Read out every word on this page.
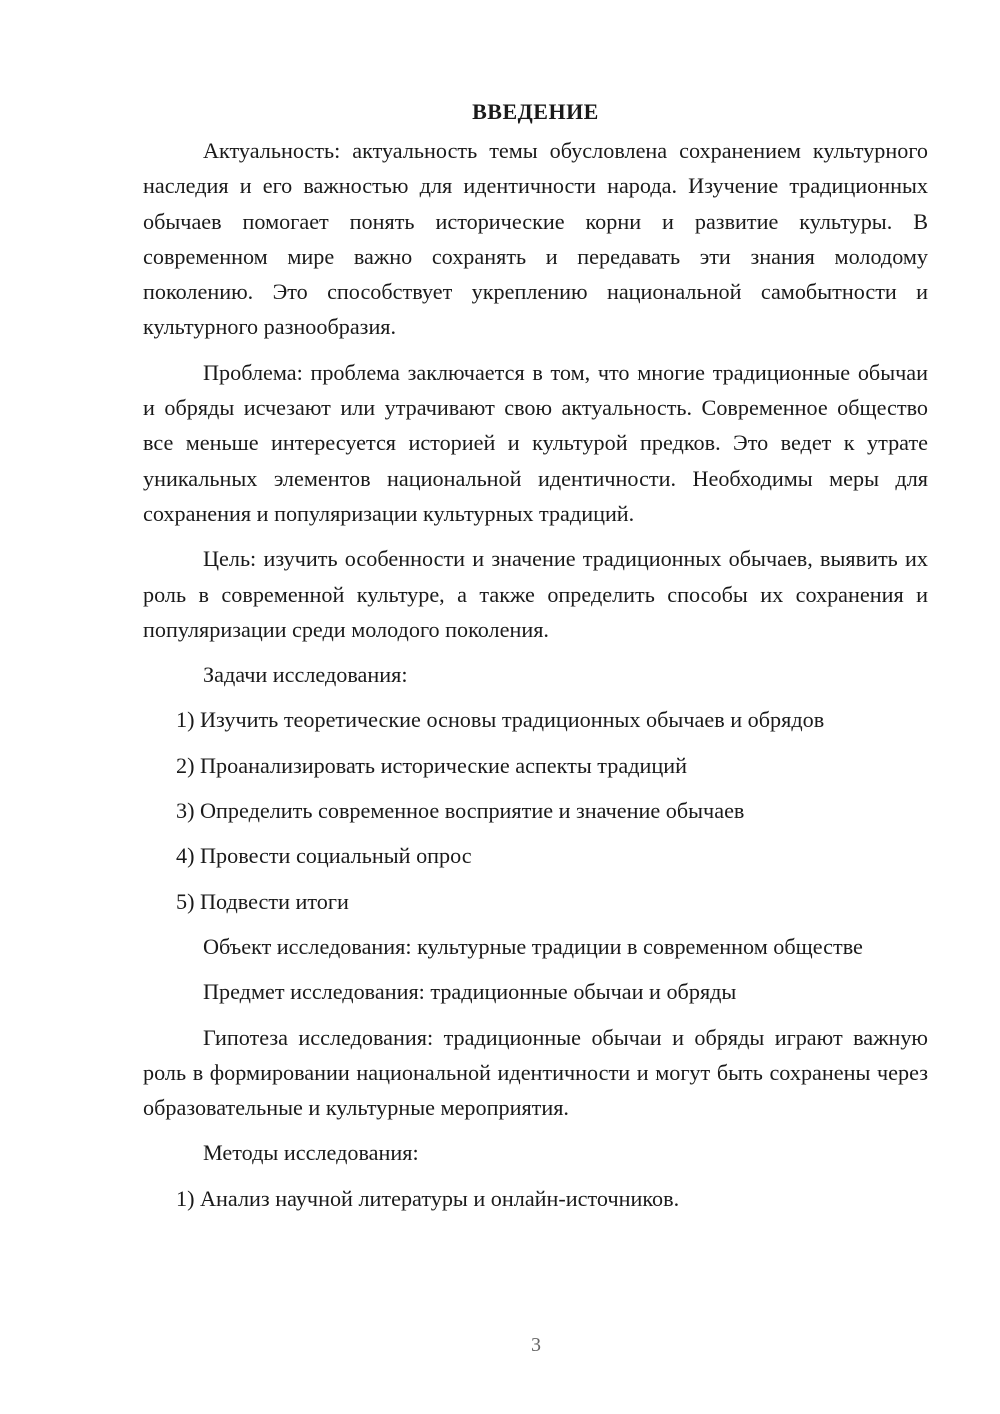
ВВЕДЕНИЕ

Актуальность: актуальность темы обусловлена сохранением культурного наследия и его важностью для идентичности народа. Изучение традиционных обычаев помогает понять исторические корни и развитие культуры. В современном мире важно сохранять и передавать эти знания молодому поколению. Это способствует укреплению национальной самобытности и культурного разнообразия.

Проблема: проблема заключается в том, что многие традиционные обычаи и обряды исчезают или утрачивают свою актуальность. Современное общество все меньше интересуется историей и культурой предков. Это ведет к утрате уникальных элементов национальной идентичности. Необходимы меры для сохранения и популяризации культурных традиций.

Цель: изучить особенности и значение традиционных обычаев, выявить их роль в современной культуре, а также определить способы их сохранения и популяризации среди молодого поколения.

Задачи исследования:
1) Изучить теоретические основы традиционных обычаев и обрядов
2) Проанализировать исторические аспекты традиций
3) Определить современное восприятие и значение обычаев
4) Провести социальный опрос
5) Подвести итоги

Объект исследования: культурные традиции в современном обществе

Предмет исследования: традиционные обычаи и обряды

Гипотеза исследования: традиционные обычаи и обряды играют важную роль в формировании национальной идентичности и могут быть сохранены через образовательные и культурные мероприятия.

Методы исследования:
1) Анализ научной литературы и онлайн-источников.
3
